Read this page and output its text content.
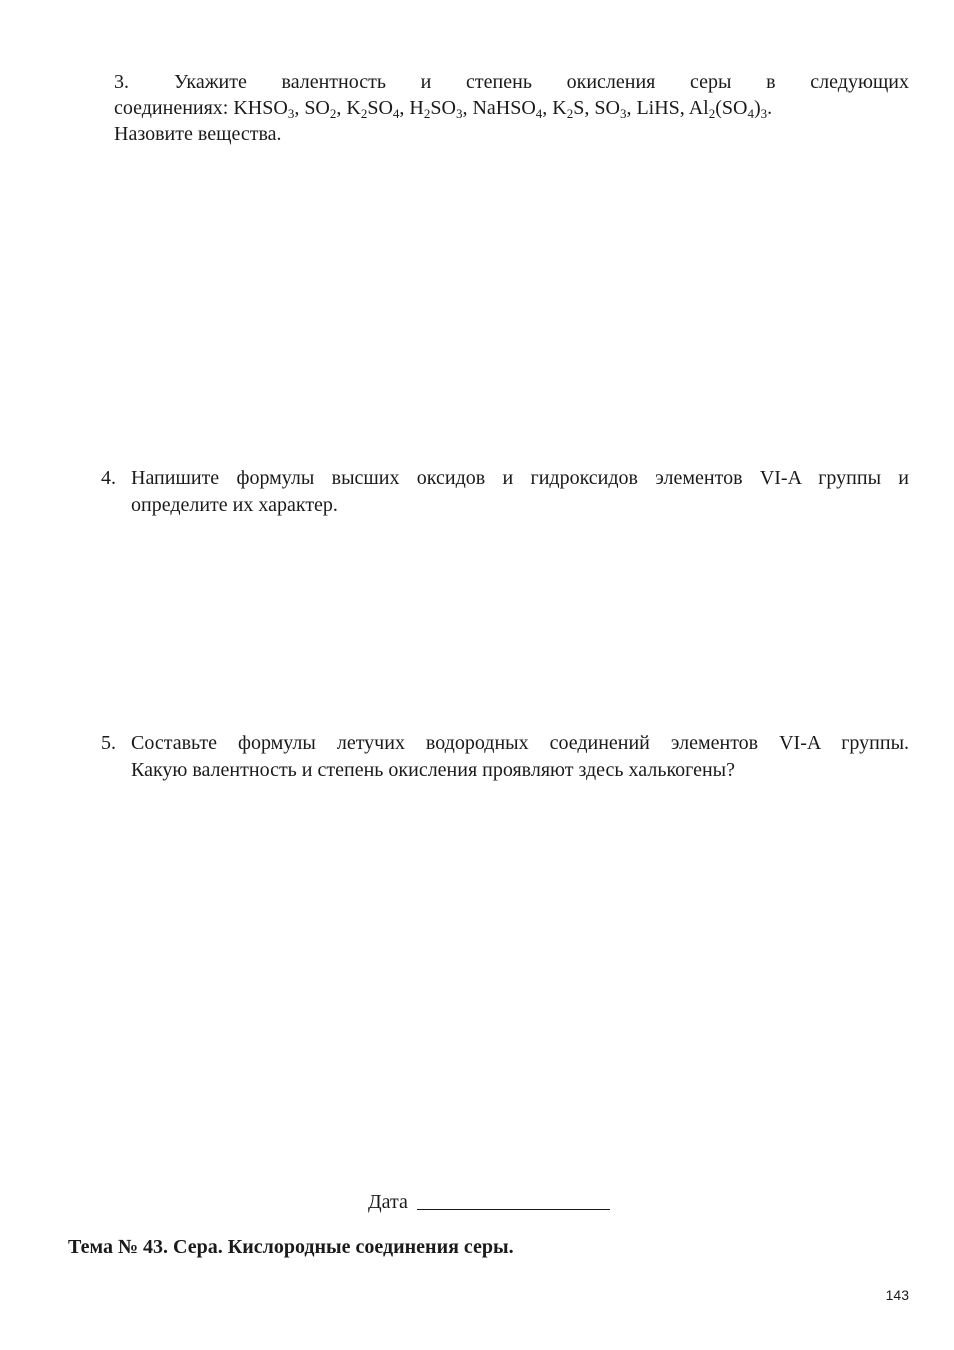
3. Укажите валентность и степень окисления серы в следующих
соединениях: $KHSO_3$, $SO_2$, $K_2SO_4$, $H_2SO_3$, NaHSO$_4$, $K_2S$, $SO_3$, LiHS, $Al_2(SO_4)_3$.
Назовите вещества.
4. Напишите формулы высших оксидов и гидроксидов элементов VI-A группы и
определите их характер.
5. Составьте формулы летучих водородных соединений элементов VI-A группы.
Какую валентность и степень окисления проявляют здесь халькогены?
Дата
Тема № 43. Сера. Кислородные соединения серы.
143
